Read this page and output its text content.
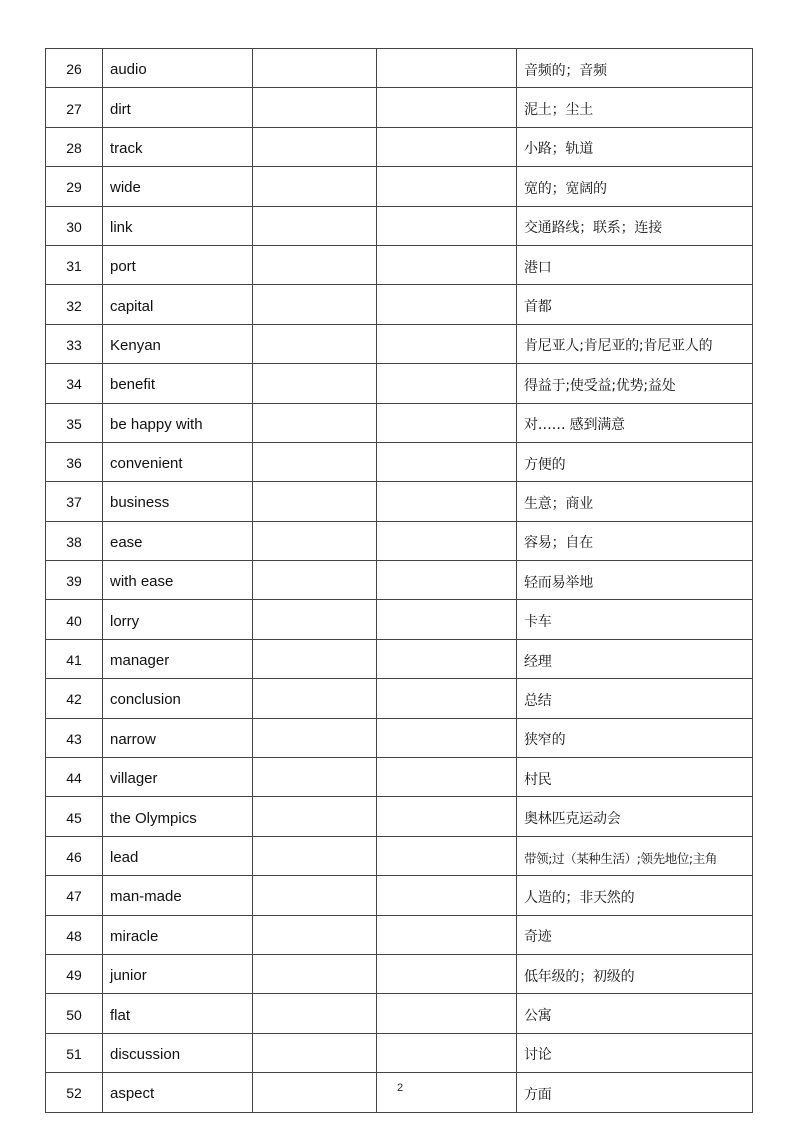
26	audio			音频的；音频
27	dirt			泥土；尘土
28	track			小路；轨道
29	wide			宽的；宽阔的
30	link			交通路线；联系；连接
31	port			港口
32	capital			首都
33	Kenyan			肯尼亚人;肯尼亚的;肯尼亚人的
34	benefit			得益于;使受益;优势;益处
35	be happy with			对…… 感到满意
36	convenient			方便的
37	business			生意；商业
38	ease			容易；自在
39	with ease			轻而易举地
40	lorry			卡车
41	manager			经理
42	conclusion			总结
43	narrow			狭窄的
44	villager			村民
45	the Olympics			奥林匹克运动会
46	lead			带领;过（某种生活）;领先地位;主角
47	man-made			人造的；非天然的
48	miracle			奇迹
49	junior			低年级的；初级的
50	flat			公寓
51	discussion			讨论
52	aspect			方面
2
